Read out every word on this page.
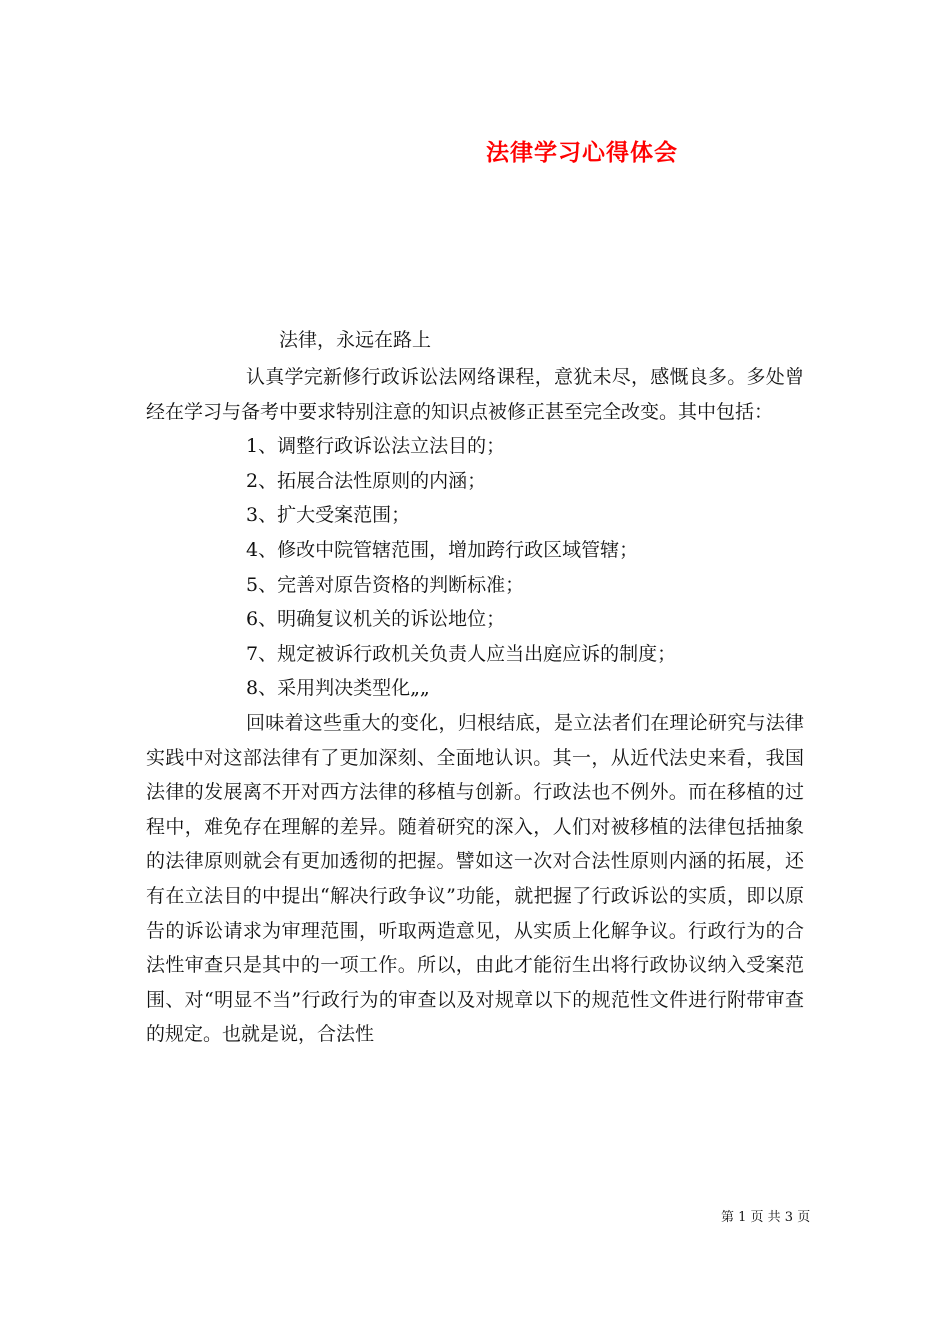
法律学习心得体会
法律，永远在路上

认真学完新修行政诉讼法网络课程，意犹未尽，感慨良多。多处曾经在学习与备考中要求特别注意的知识点被修正甚至完全改变。其中包括：

1、调整行政诉讼法立法目的；
2、拓展合法性原则的内涵；
3、扩大受案范围；
4、修改中院管辖范围，增加跨行政区域管辖；
5、完善对原告资格的判断标准；
6、明确复议机关的诉讼地位；
7、规定被诉行政机关负责人应当出庭应诉的制度；
8、采用判决类型化„„

回味着这些重大的变化，归根结底，是立法者们在理论研究与法律实践中对这部法律有了更加深刻、全面地认识。其一，从近代法史来看，我国法律的发展离不开对西方法律的移植与创新。行政法也不例外。而在移植的过程中，难免存在理解的差异。随着研究的深入，人们对被移植的法律包括抽象的法律原则就会有更加透彻的把握。譬如这一次对合法性原则内涵的拓展，还有在立法目的中提出“解决行政争议”功能，就把握了行政诉讼的实质，即以原告的诉讼请求为审理范围，听取两造意见，从实质上化解争议。行政行为的合法性审查只是其中的一项工作。所以，由此才能衍生出将行政协议纳入受案范围、对“明显不当”行政行为的审查以及对规章以下的规范性文件进行附带审查的规定。也就是说，合法性

第 1 页 共 3 页
